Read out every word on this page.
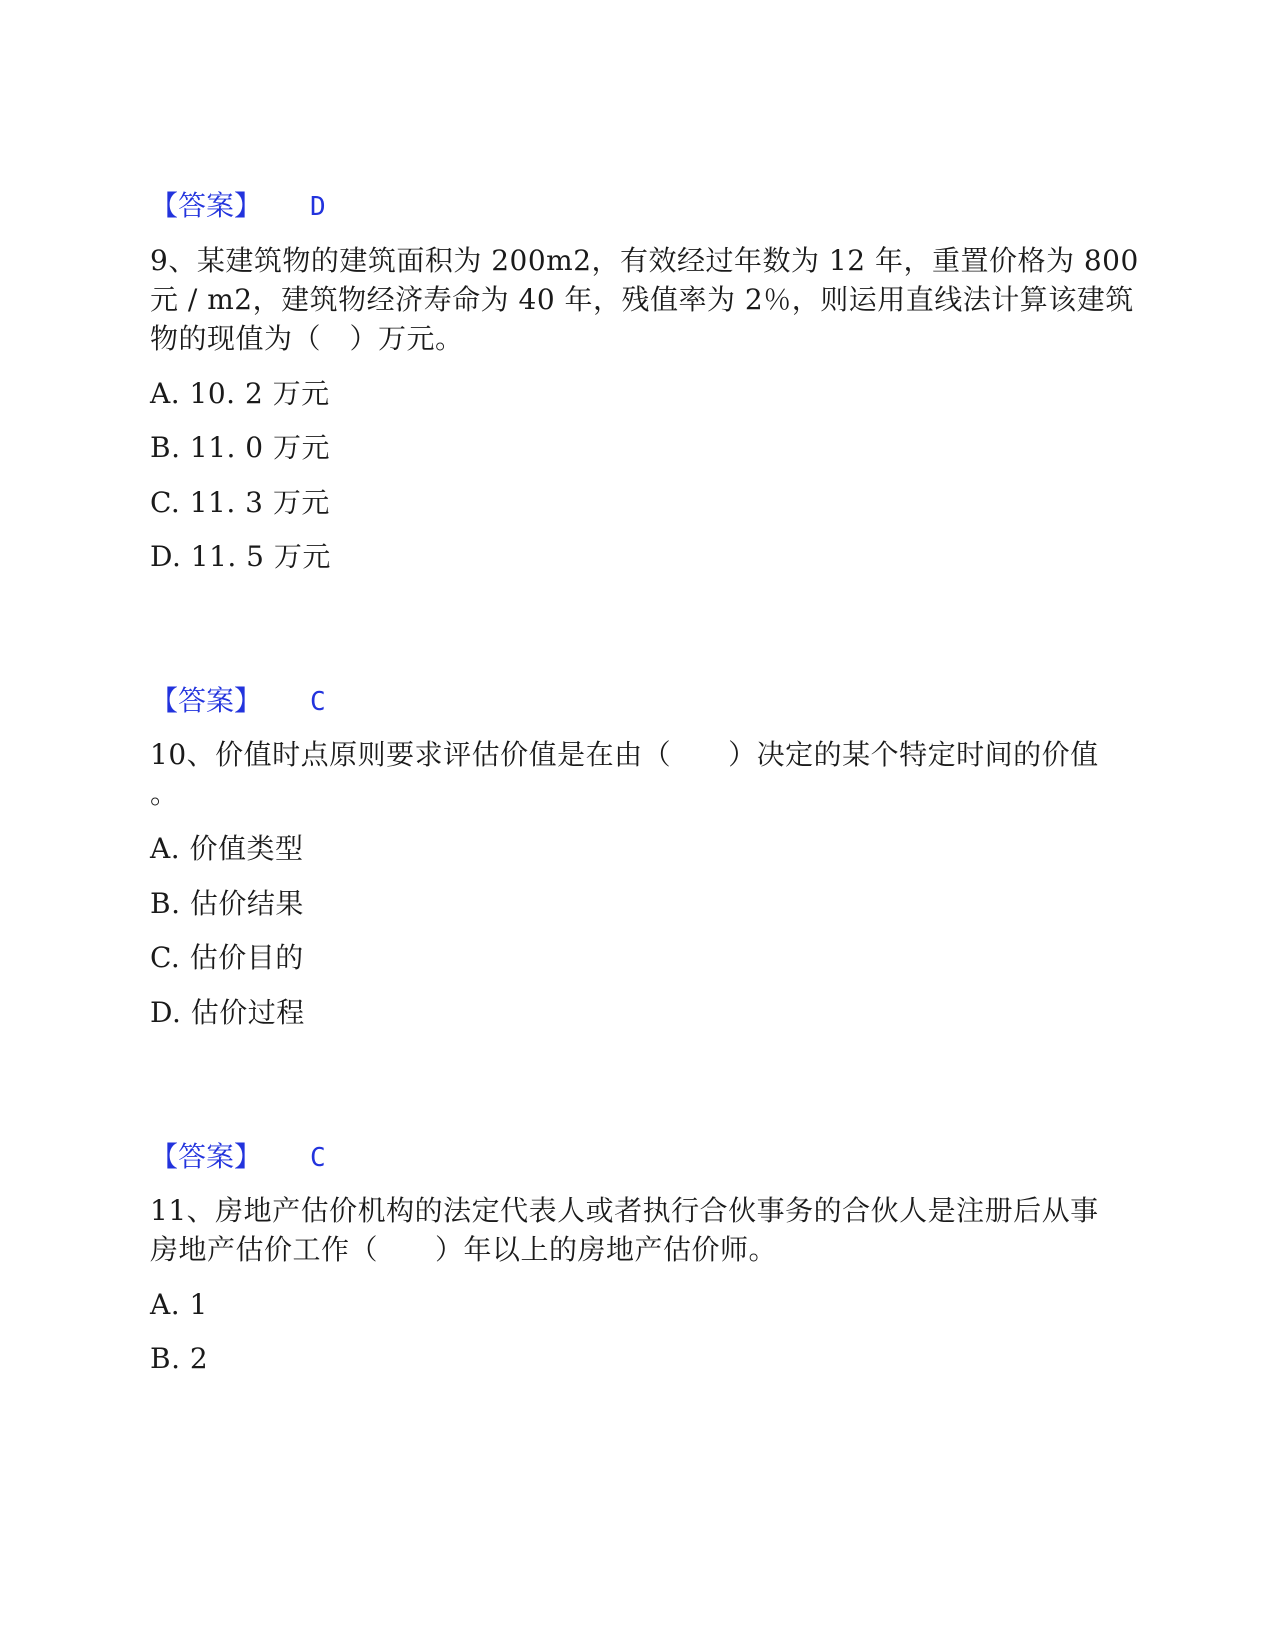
【答案】 D
9、某建筑物的建筑面积为 200m2，有效经过年数为 12 年，重置价格为 800
元 / m2，建筑物经济寿命为 40 年，残值率为 2％，则运用直线法计算该建筑
物的现值为（　）万元。
A. 10. 2 万元
B. 11. 0 万元
C. 11. 3 万元
D. 11. 5 万元
【答案】 C
10、价值时点原则要求评估价值是在由（　　）决定的某个特定时间的价值
。
A. 价值类型
B. 估价结果
C. 估价目的
D. 估价过程
【答案】 C
11、房地产估价机构的法定代表人或者执行合伙事务的合伙人是注册后从事
房地产估价工作（　　）年以上的房地产估价师。
A. 1
B. 2
